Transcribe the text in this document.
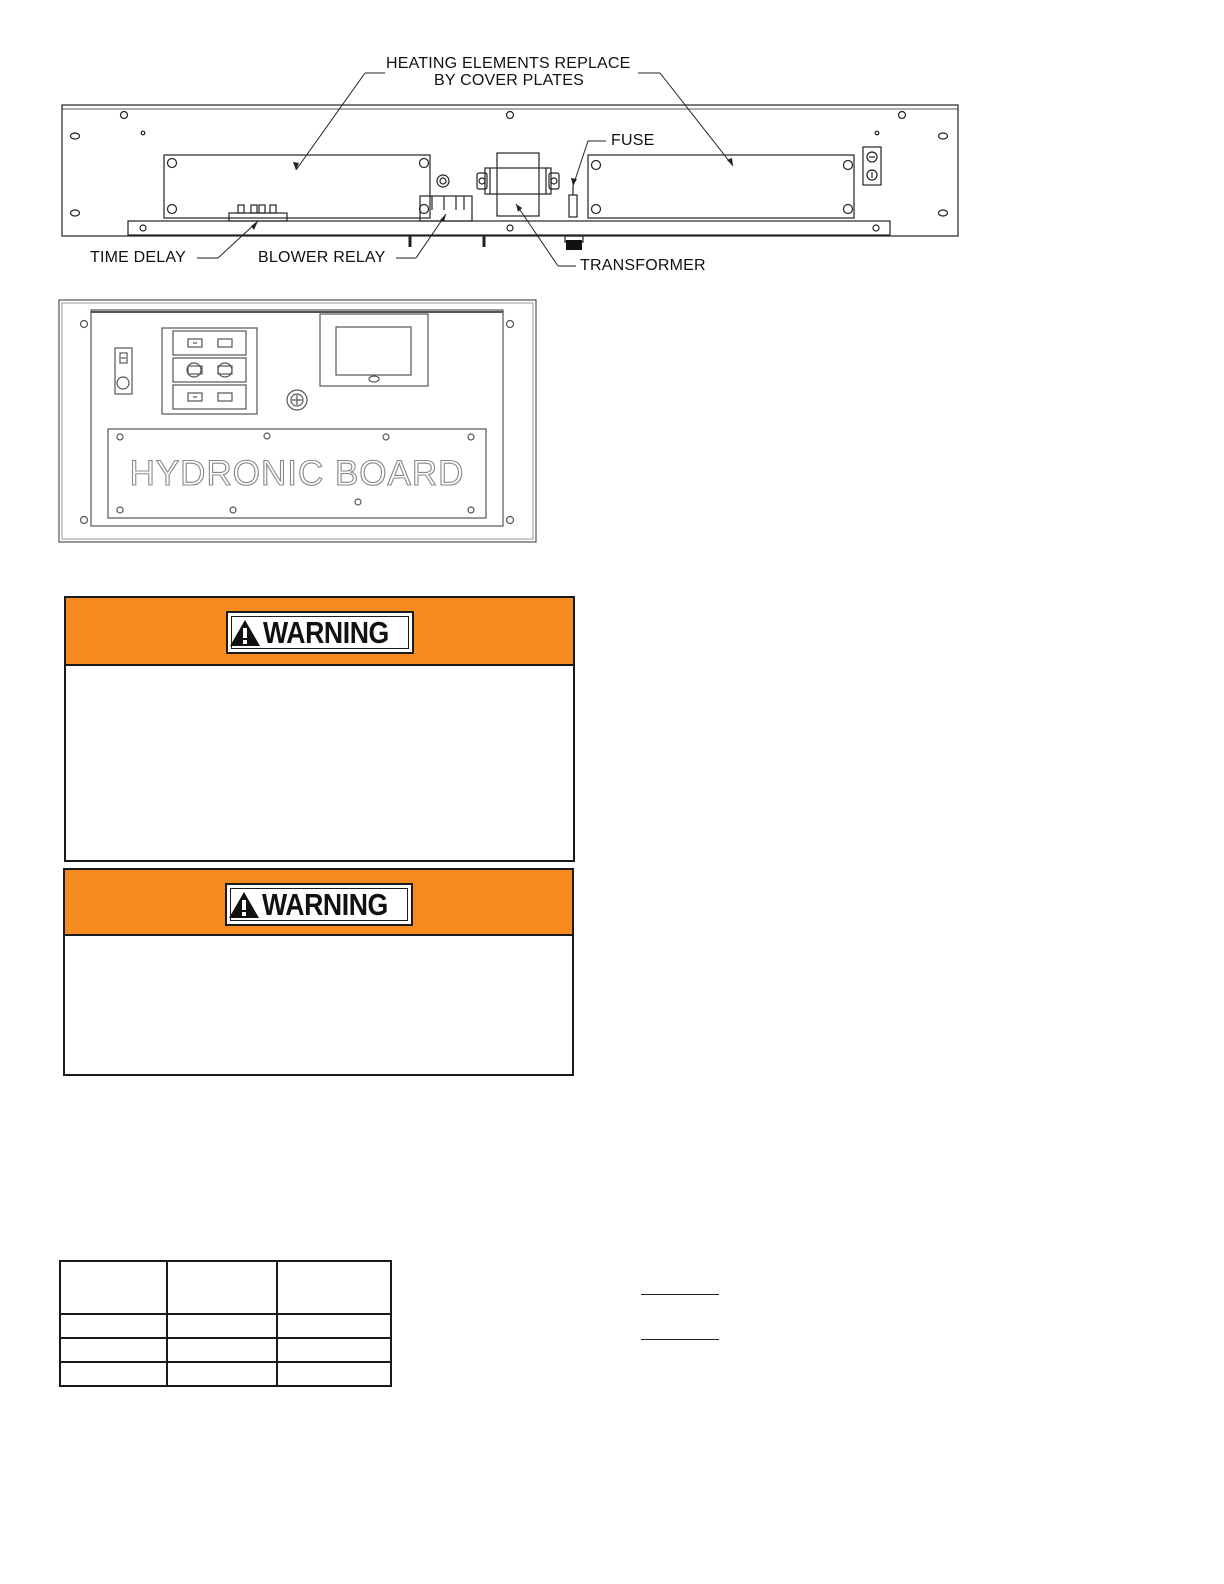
HEATING ELEMENTS REPLACE
BY COVER PLATES
FUSE
TIME DELAY	BLOWER RELAY	TRANSFORMER
HYDRONIC BOARD
WARNING
WARNING
